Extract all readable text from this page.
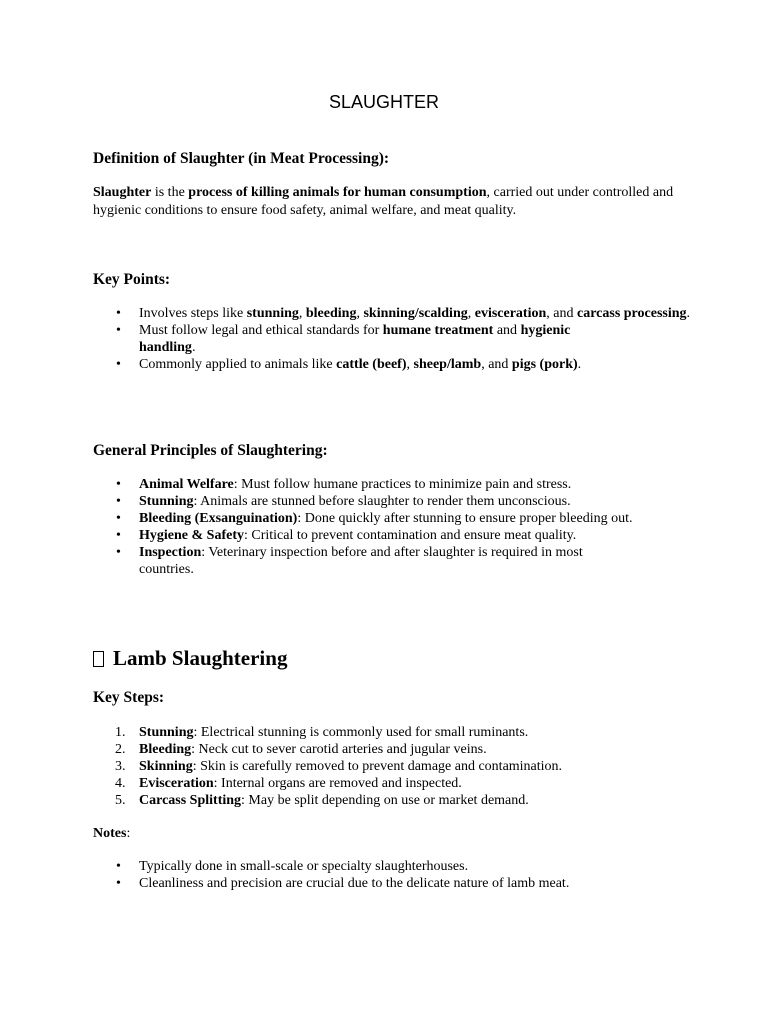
SLAUGHTER
Definition of Slaughter (in Meat Processing):

Slaughter is the process of killing animals for human consumption, carried out under controlled and hygienic conditions to ensure food safety, animal welfare, and meat quality.

Key Points:
• Involves steps like stunning, bleeding, skinning/scalding, evisceration, and carcass processing.
• Must follow legal and ethical standards for humane treatment and hygienic handling.
• Commonly applied to animals like cattle (beef), sheep/lamb, and pigs (pork).
General Principles of Slaughtering:
• Animal Welfare: Must follow humane practices to minimize pain and stress.
• Stunning: Animals are stunned before slaughter to render them unconscious.
• Bleeding (Exsanguination): Done quickly after stunning to ensure proper bleeding out.
• Hygiene & Safety: Critical to prevent contamination and ensure meat quality.
• Inspection: Veterinary inspection before and after slaughter is required in most countries.
Lamb Slaughtering
Key Steps:
1. Stunning: Electrical stunning is commonly used for small ruminants.
2. Bleeding: Neck cut to sever carotid arteries and jugular veins.
3. Skinning: Skin is carefully removed to prevent damage and contamination.
4. Evisceration: Internal organs are removed and inspected.
5. Carcass Splitting: May be split depending on use or market demand.

Notes:

• Typically done in small-scale or specialty slaughterhouses.
• Cleanliness and precision are crucial due to the delicate nature of lamb meat.
